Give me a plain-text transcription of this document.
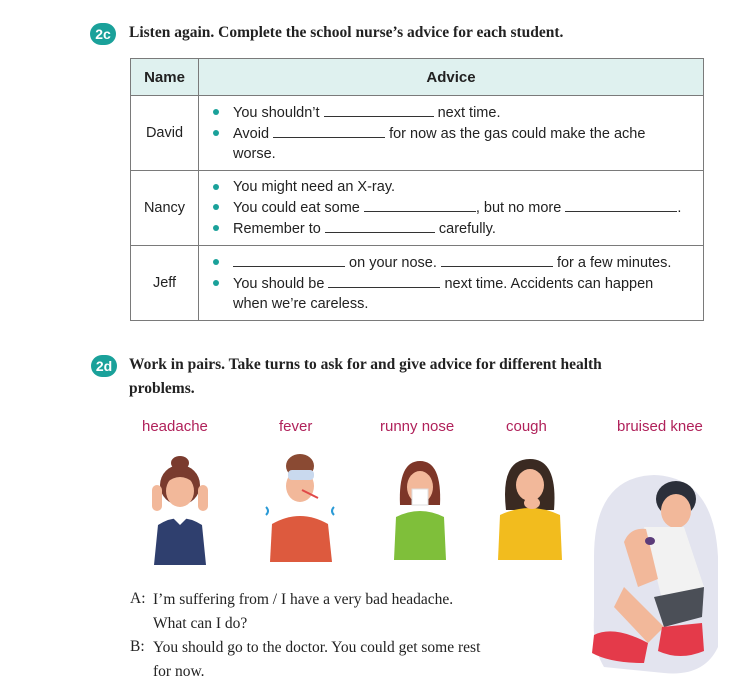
2c	Listen again. Complete the school nurse’s advice for each student.
Name	Advice
David	You shouldn’t next time.
Avoid for now as the gas could make the ache
worse.

Nancy	You might need an X-ray.
You could eat some , but no more .
Remember to carefully.

Jeff	on your nose. for a few minutes.
You should be next time. Accidents can happen
when we’re careless.
2d	Work in pairs. Take turns to ask for and give advice for different health
problems.
headache	fever	runny nose	cough	bruised knee
A: I’m suffering from / I have a very bad headache.
What can I do?
B: You should go to the doctor. You could get some rest
for now.
